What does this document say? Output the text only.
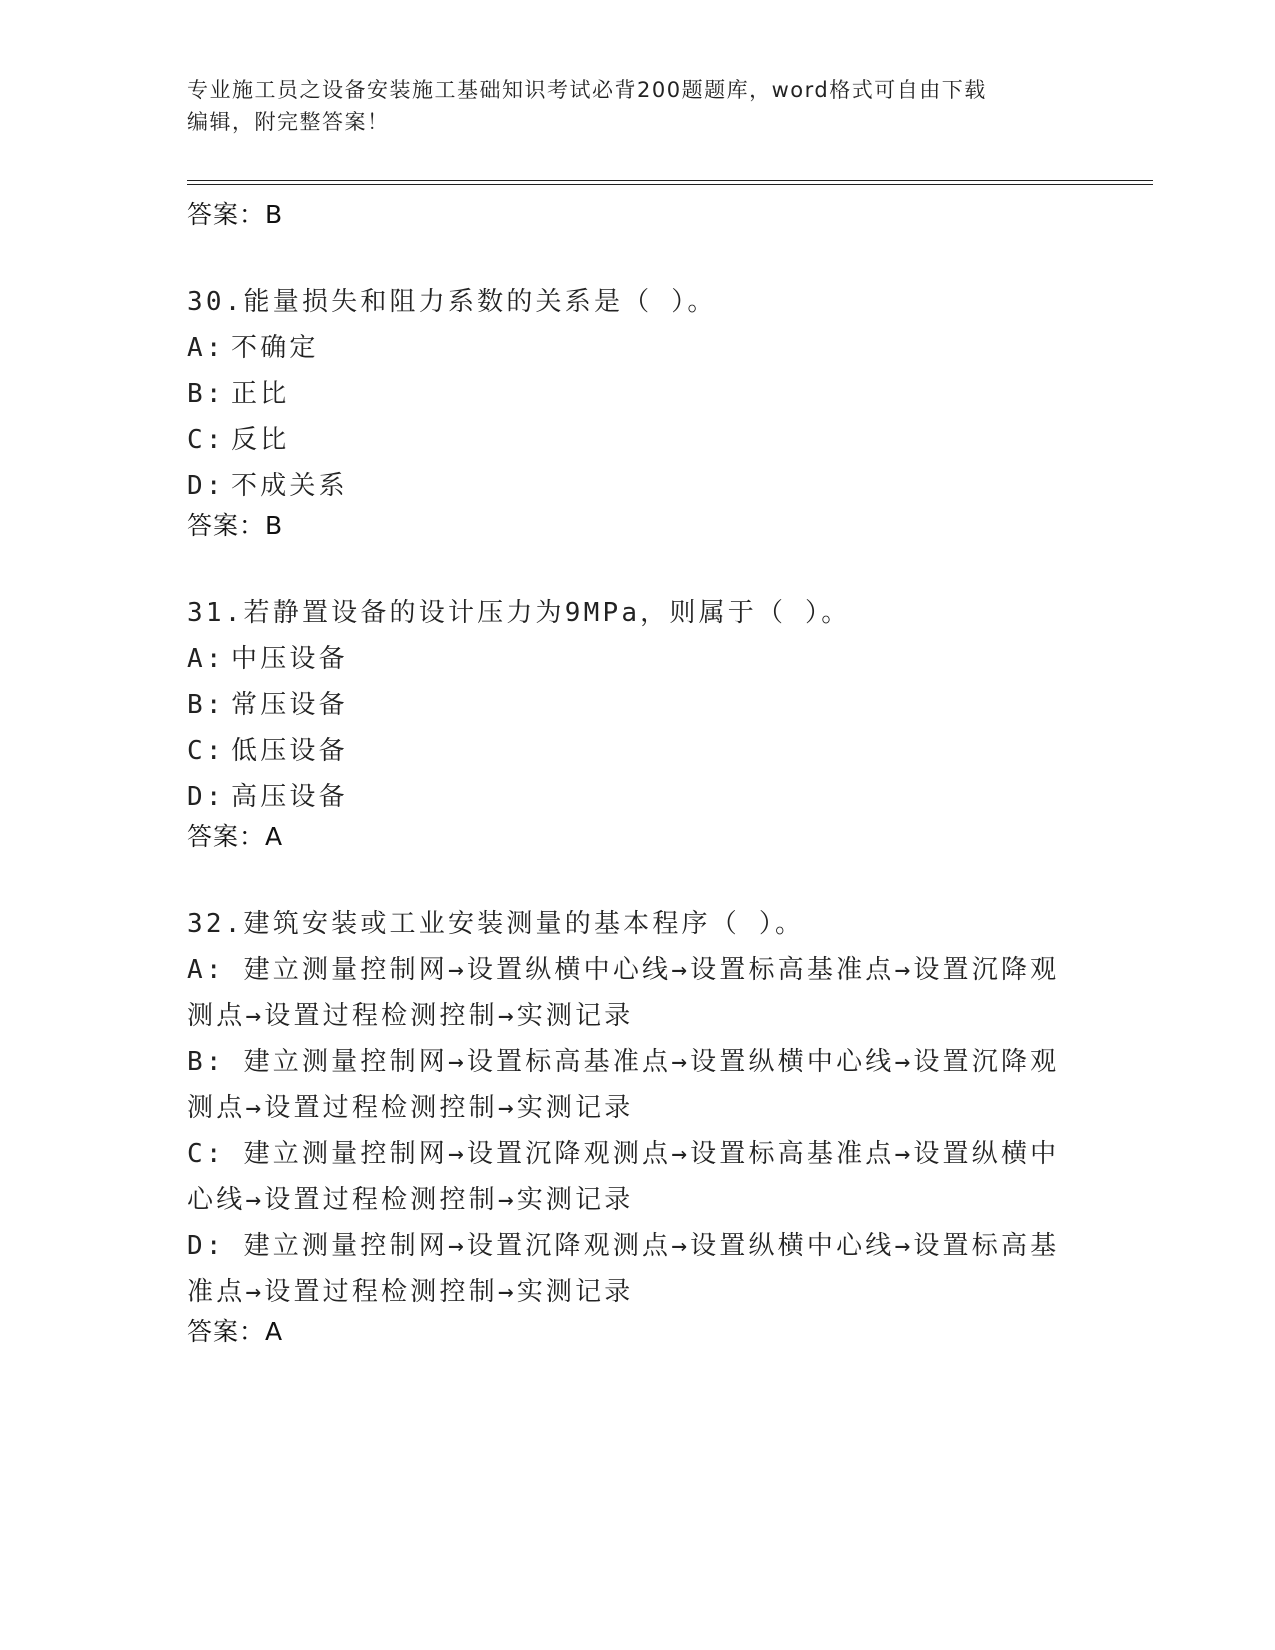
专业施工员之设备安装施工基础知识考试必背200题题库，word格式可自由下载
编辑，附完整答案！
答案：B
30.能量损失和阻力系数的关系是（ ）。
A: 不确定
B: 正比
C: 反比
D: 不成关系
答案：B
31.若静置设备的设计压力为9MPa，则属于（ ）。
A: 中压设备
B: 常压设备
C: 低压设备
D: 高压设备
答案：A
32.建筑安装或工业安装测量的基本程序（ ）。
A: 建立测量控制网→设置纵横中心线→设置标高基准点→设置沉降观测点→设置过程检测控制→实测记录
B: 建立测量控制网→设置标高基准点→设置纵横中心线→设置沉降观测点→设置过程检测控制→实测记录
C: 建立测量控制网→设置沉降观测点→设置标高基准点→设置纵横中心线→设置过程检测控制→实测记录
D: 建立测量控制网→设置沉降观测点→设置纵横中心线→设置标高基准点→设置过程检测控制→实测记录
答案：A
